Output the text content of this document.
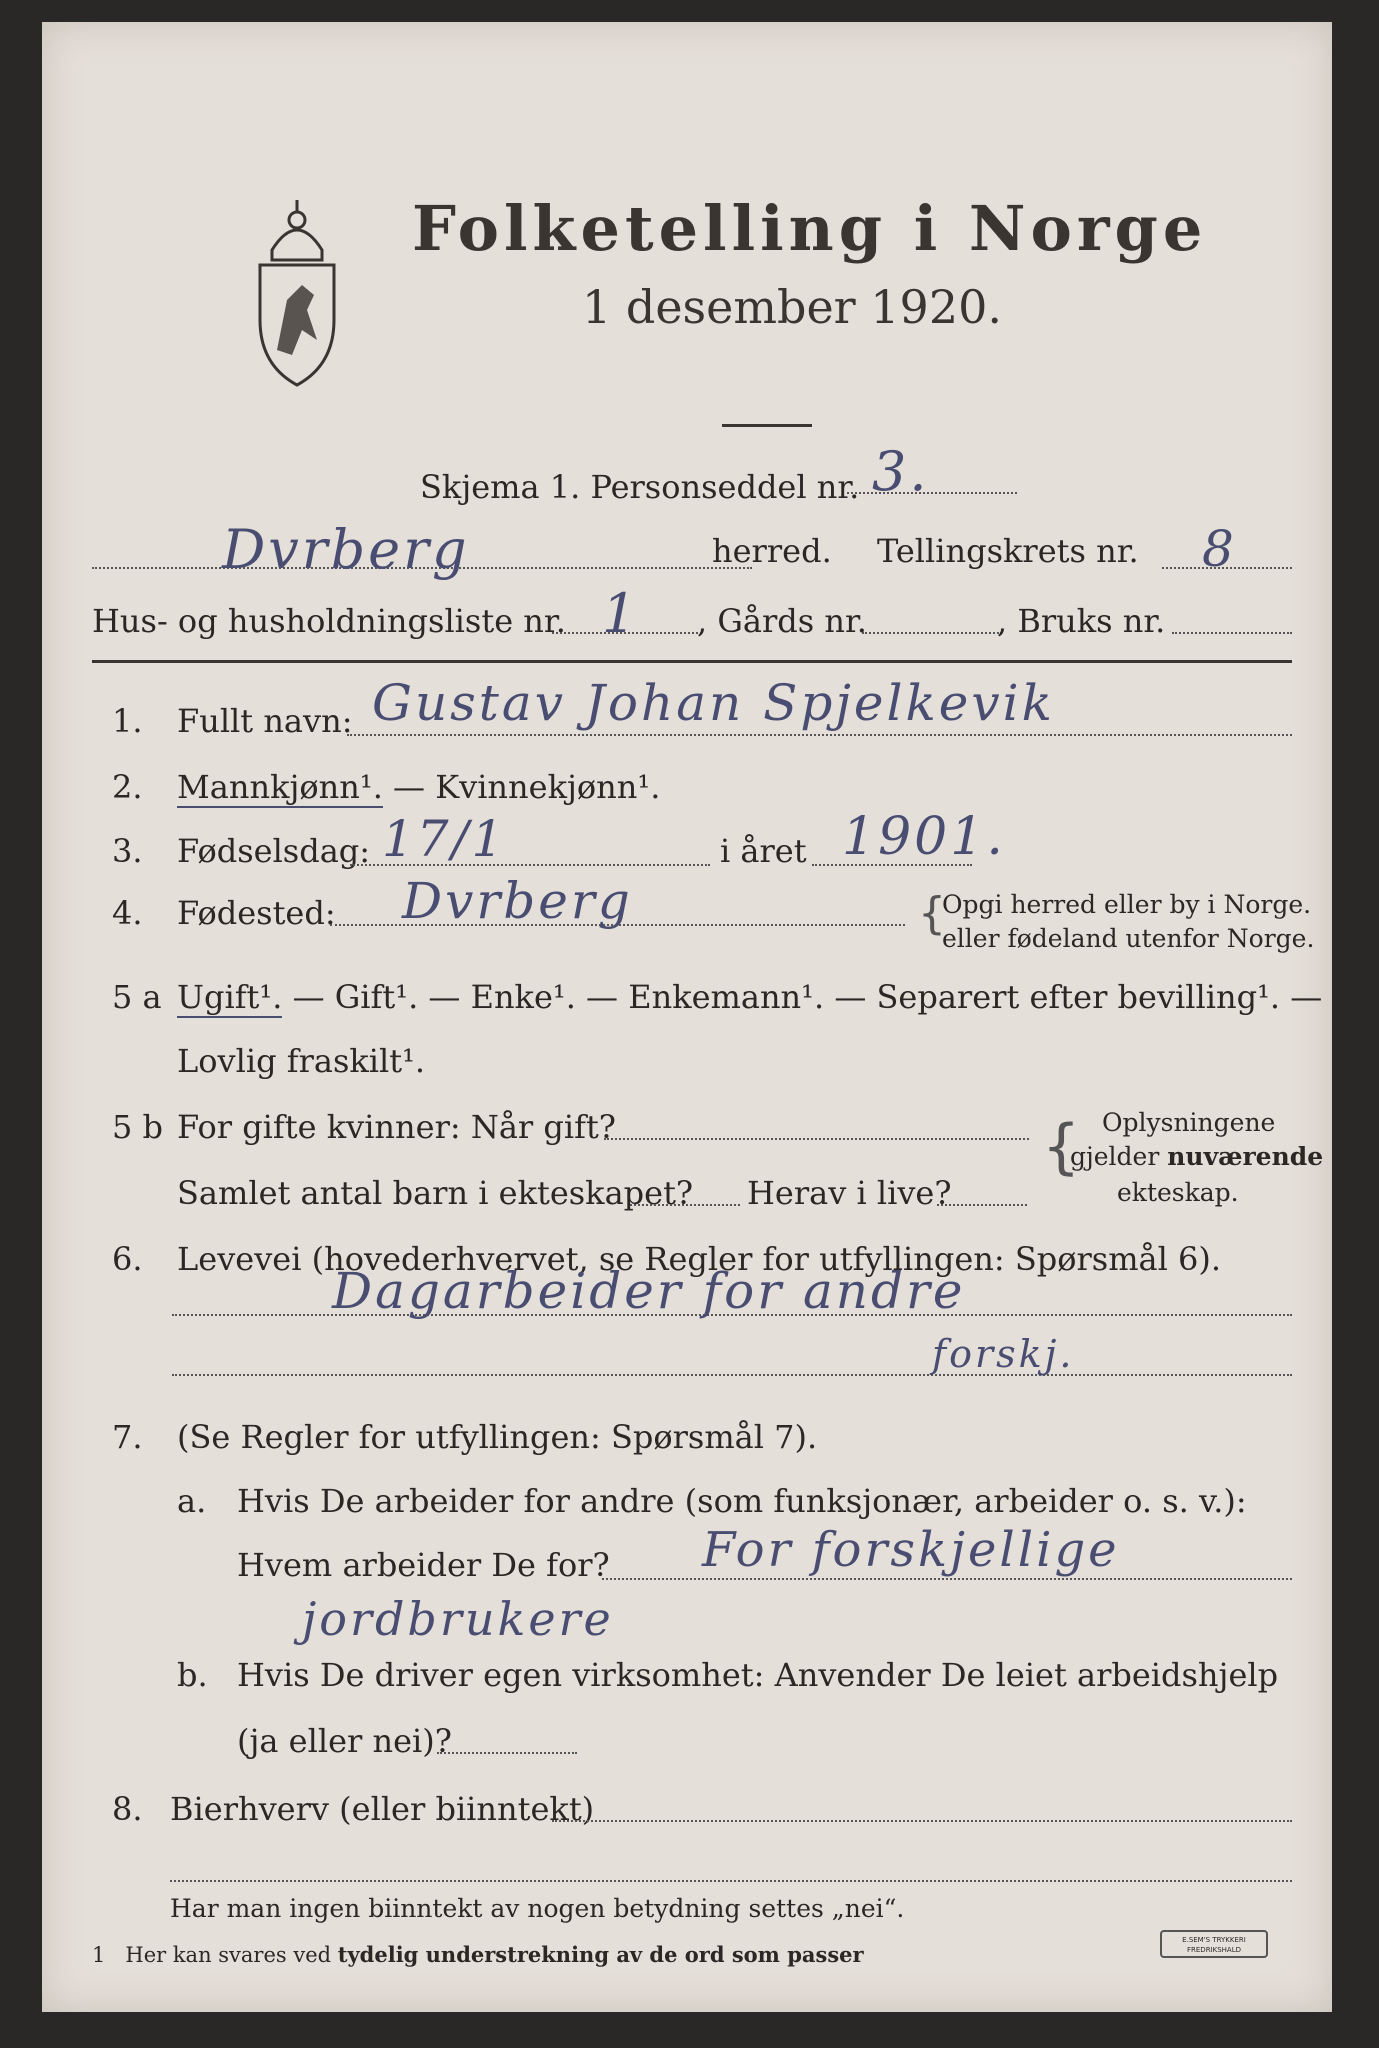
Folketelling i Norge
1 desember 1920.
Skjema 1. Personseddel nr. 3.
Dvrberg	herred. Tellingskrets nr. 8
Hus- og husholdningsliste nr. 1 , Gårds nr.	, Bruks nr.
1. Fullt navn: Gustav Johan Spjelkevik
2. Mannkjønn¹. — Kvinnekjønn¹.
3. Fødselsdag: 17/1	i året 1901.
4. Fødested: Dvrberg	{
Opgi herred eller by i Norge.
eller fødeland utenfor Norge.
5 a Ugift¹. — Gift¹. — Enke¹. — Enkemann¹. — Separert efter bevilling¹. —
Lovlig fraskilt¹.
5 b For gifte kvinner: Når gift?
Samlet antal barn i ekteskapet? Herav i live?
{ Oplysningene
gjelder nuværende
ekteskap.
6. Levevei (hovederhvervet, se Regler for utfyllingen: Spørsmål 6).
Dagarbeider for andre
forskj.
7. (Se Regler for utfyllingen: Spørsmål 7).
a. Hvis De arbeider for andre (som funksjonær, arbeider o. s. v.):
Hvem arbeider De for? For forskjellige
jordbrukere
b. Hvis De driver egen virksomhet: Anvender De leiet arbeidshjelp
(ja eller nei)?
8. Bierhverv (eller biinntekt)
Har man ingen biinntekt av nogen betydning settes „nei“.
1 Her kan svares ved tydelig understrekning av de ord som passer
E.SEM'S TRYKKERI FREDRIKSHALD
